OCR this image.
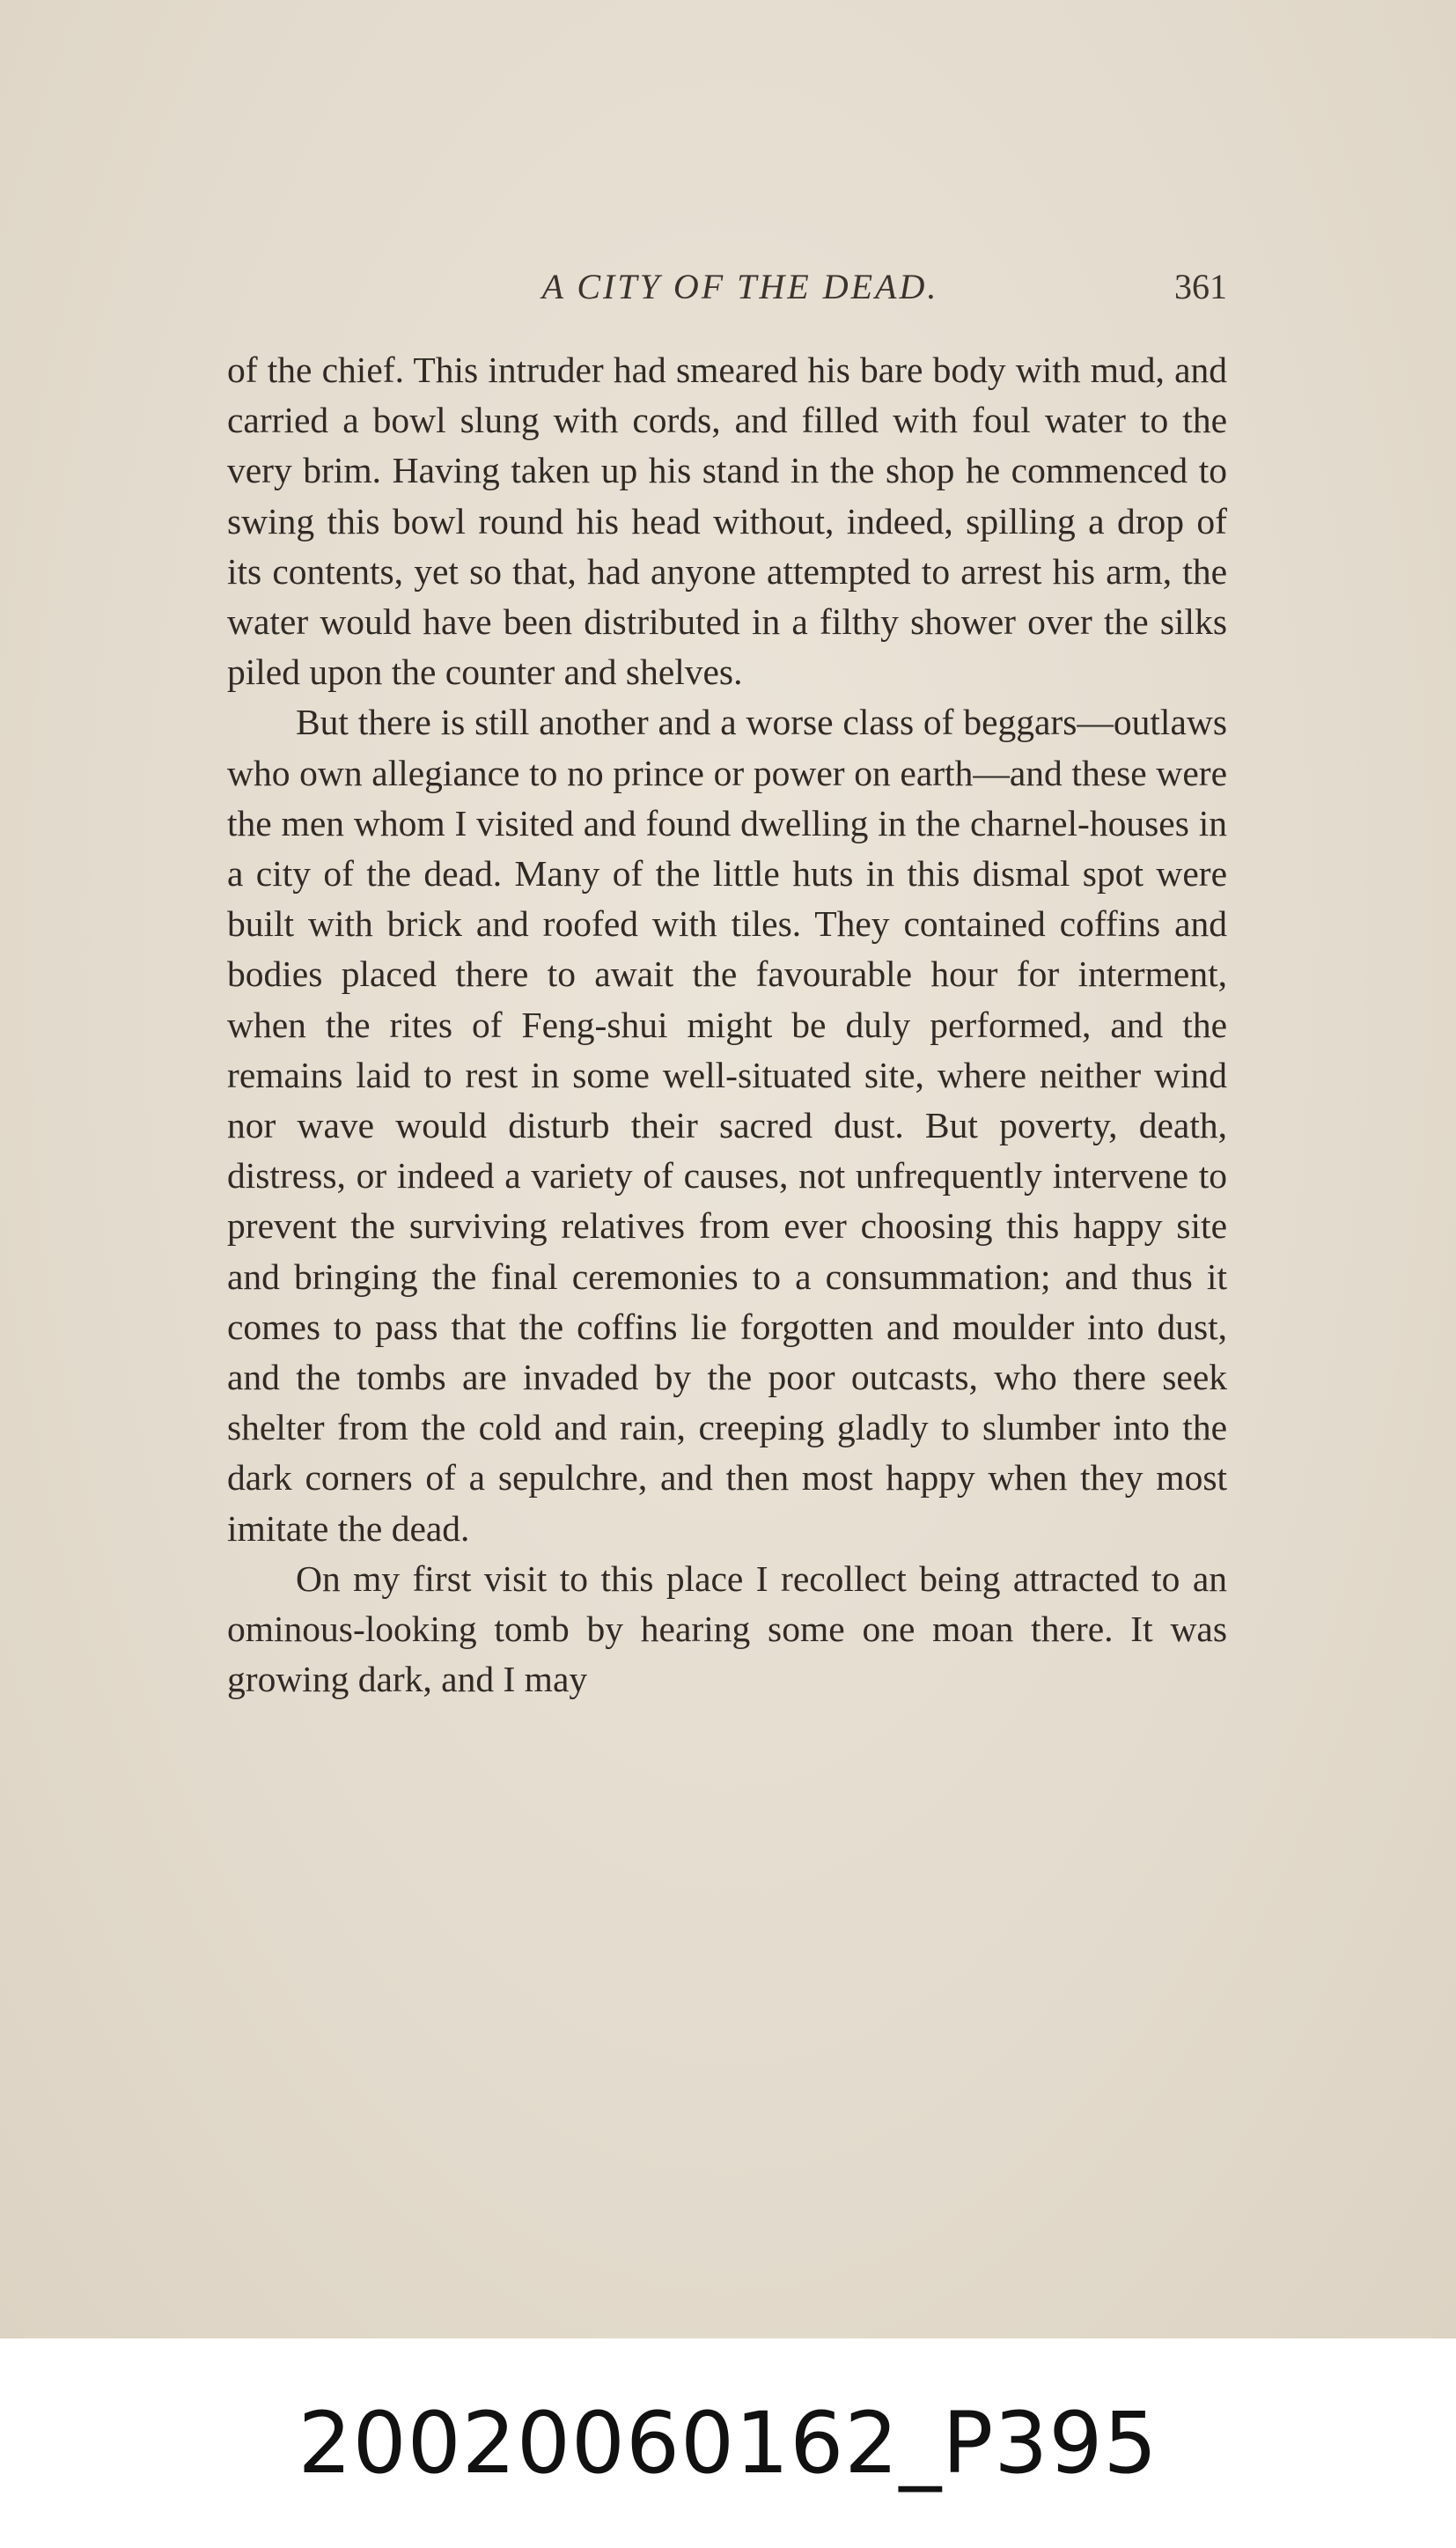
A CITY OF THE DEAD.	361

of the chief. This intruder had smeared his bare body with mud, and carried a bowl slung with cords, and filled with foul water to the very brim. Having taken up his stand in the shop he commenced to swing this bowl round his head without, indeed, spilling a drop of its contents, yet so that, had anyone attempted to arrest his arm, the water would have been distributed in a filthy shower over the silks piled upon the counter and shelves.

But there is still another and a worse class of beggars—outlaws who own allegiance to no prince or power on earth—and these were the men whom I visited and found dwelling in the charnel-houses in a city of the dead. Many of the little huts in this dismal spot were built with brick and roofed with tiles. They contained coffins and bodies placed there to await the favourable hour for interment, when the rites of Feng-shui might be duly performed, and the remains laid to rest in some well-situated site, where neither wind nor wave would disturb their sacred dust. But poverty, death, distress, or indeed a variety of causes, not unfrequently intervene to prevent the surviving relatives from ever choosing this happy site and bringing the final ceremonies to a consummation; and thus it comes to pass that the coffins lie forgotten and moulder into dust, and the tombs are invaded by the poor outcasts, who there seek shelter from the cold and rain, creeping gladly to slumber into the dark corners of a sepulchre, and then most happy when they most imitate the dead.

On my first visit to this place I recollect being attracted to an ominous-looking tomb by hearing some one moan there. It was growing dark, and I may

20020060162_P395
